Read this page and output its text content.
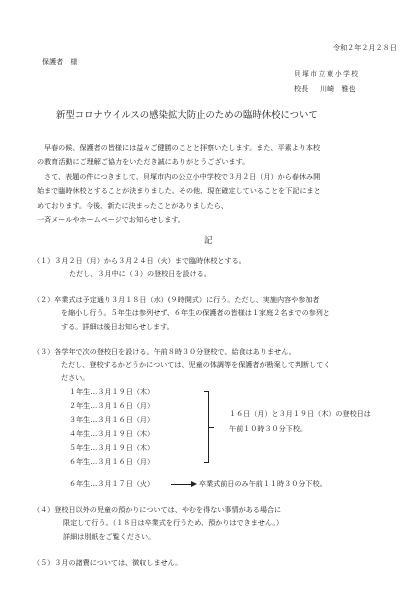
令和２年２月２８日
保護者　様
貝塚市立東小学校
校長 川崎　雅也
新型コロナウイルスの感染拡大防止のための臨時休校について
早春の候、保護者の皆様には益々ご健勝のことと拝察いたします。また、平素より本校
の教育活動にご理解ご協力をいただき誠にありがとうございます。
さて、表題の件につきまして、貝塚市内の公立小中学校で３月２日（月）から春休み開
始まで臨時休校とすることが決まりました。その他、現在確定していることを下記にまと
めております。今後、新たに決まったことがありましたら、
一斉メールやホームページでお知らせします。
記
（１）３月２日（月）から３月２４日（火）まで臨時休校とする。
ただし、３月中に（３）の登校日を設ける。
（２）卒業式は予定通り３月１８日（水）(９時開式）に行う。ただし、実施内容や参加者
を縮小し行う。５年生は参列せず、６年生の保護者の皆様は１家庭２名までの参列と
する。詳細は後日お知らせします。
（３）各学年で次の登校日を設ける。午前８時３０分登校で、給食はありません。
ただし、登校するかどうかについては、児童の体調等を保護者が勘案して判断してく
ださい。
１年生…３月１９日（木）
２年生…３月１６日（月）
３年生…３月１６日（月）
４年生…３月１９日（木）
５年生…３月１９日（木）
６年生…３月１６日（月）
１６日（月）と３月１９日（木）の登校日は
午前１０時３０分下校。
６年生…３月１７日（火）	卒業式前日のみ午前１１時３０分下校。
（４）登校日以外の児童の預かりについては、やむを得ない事情がある場合に
限定して行う。（１８日は卒業式を行うため、預かりはできません。）
詳細は別紙をご覧ください。
（５）３月の諸費については、徴収しません。
